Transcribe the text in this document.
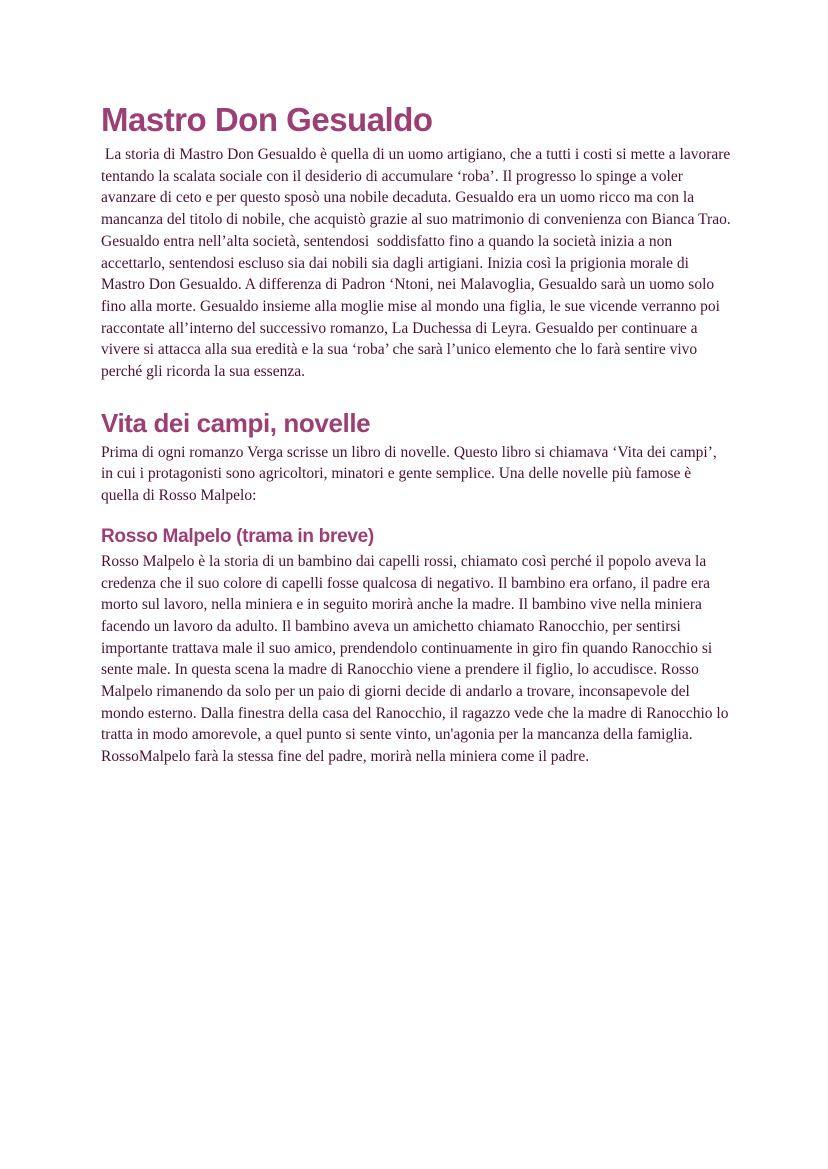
Mastro Don Gesualdo

La storia di Mastro Don Gesualdo è quella di un uomo artigiano, che a tutti i costi si mette a lavorare tentando la scalata sociale con il desiderio di accumulare ‘roba’. Il progresso lo spinge a voler avanzare di ceto e per questo sposò una nobile decaduta. Gesualdo era un uomo ricco ma con la mancanza del titolo di nobile, che acquistò grazie al suo matrimonio di convenienza con Bianca Trao. Gesualdo entra nell’alta società, sentendosi  soddisfatto fino a quando la società inizia a non accettarlo, sentendosi escluso sia dai nobili sia dagli artigiani. Inizia così la prigionia morale di Mastro Don Gesualdo. A differenza di Padron ‘Ntoni, nei Malavoglia, Gesualdo sarà un uomo solo fino alla morte. Gesualdo insieme alla moglie mise al mondo una figlia, le sue vicende verranno poi raccontate all’interno del successivo romanzo, La Duchessa di Leyra. Gesualdo per continuare a vivere si attacca alla sua eredità e la sua ‘roba’ che sarà l’unico elemento che lo farà sentire vivo perché gli ricorda la sua essenza.

Vita dei campi, novelle

Prima di ogni romanzo Verga scrisse un libro di novelle. Questo libro si chiamava ‘Vita dei campi’, in cui i protagonisti sono agricoltori, minatori e gente semplice. Una delle novelle più famose è quella di Rosso Malpelo:

Rosso Malpelo (trama in breve)

Rosso Malpelo è la storia di un bambino dai capelli rossi, chiamato così perché il popolo aveva la credenza che il suo colore di capelli fosse qualcosa di negativo. Il bambino era orfano, il padre era morto sul lavoro, nella miniera e in seguito morirà anche la madre. Il bambino vive nella miniera facendo un lavoro da adulto. Il bambino aveva un amichetto chiamato Ranocchio, per sentirsi importante trattava male il suo amico, prendendolo continuamente in giro fin quando Ranocchio si sente male. In questa scena la madre di Ranocchio viene a prendere il figlio, lo accudisce. Rosso Malpelo rimanendo da solo per un paio di giorni decide di andarlo a trovare, inconsapevole del mondo esterno. Dalla finestra della casa del Ranocchio, il ragazzo vede che la madre di Ranocchio lo tratta in modo amorevole, a quel punto si sente vinto, un'agonia per la mancanza della famiglia. RossoMalpelo farà la stessa fine del padre, morirà nella miniera come il padre.
